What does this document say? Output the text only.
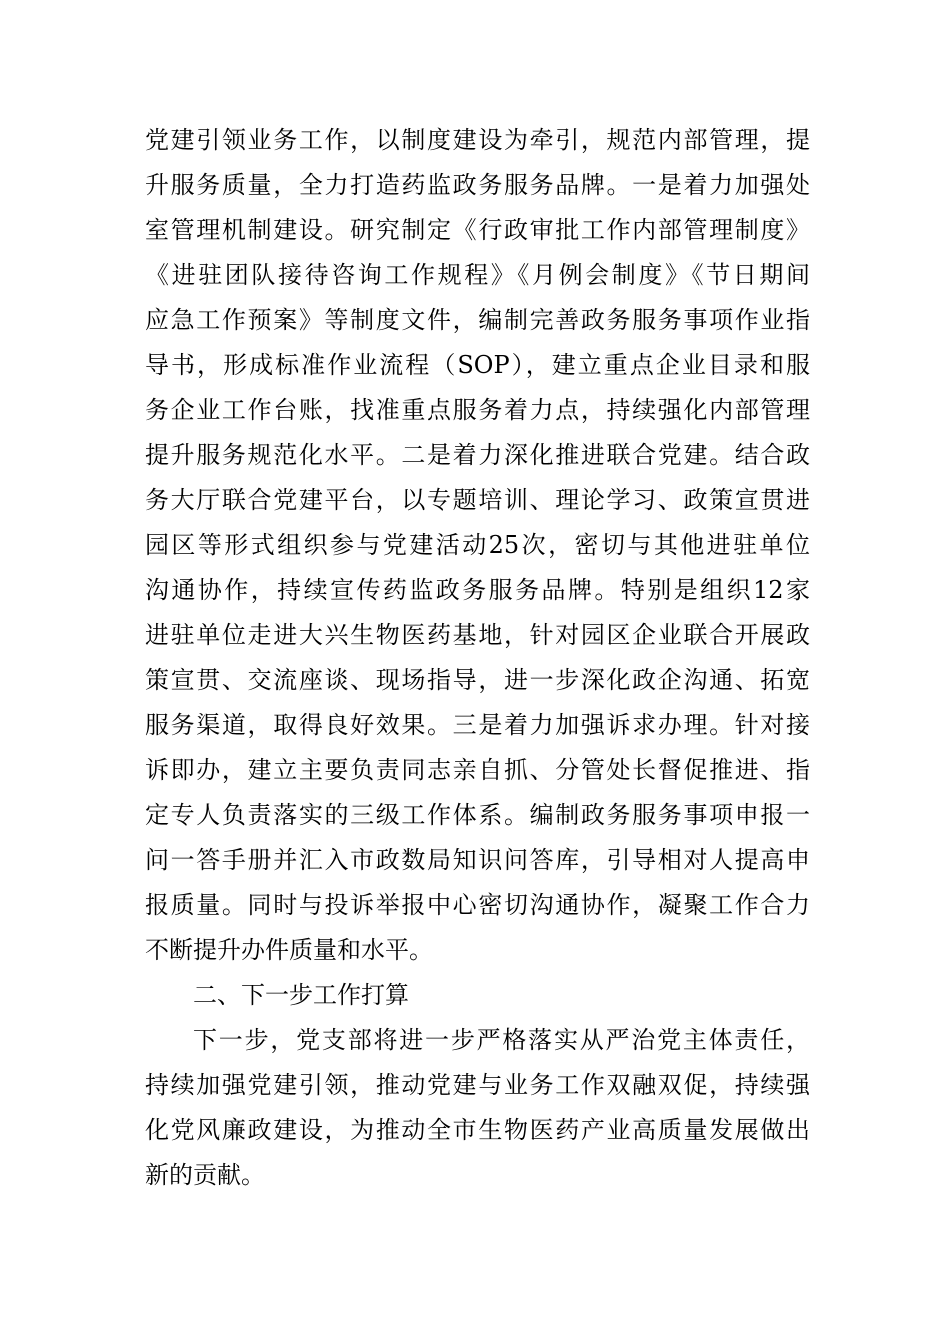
党建引领业务工作，以制度建设为牵引，规范内部管理，提
升服务质量，全力打造药监政务服务品牌。一是着力加强处
室管理机制建设。研究制定《行政审批工作内部管理制度》
《进驻团队接待咨询工作规程》《月例会制度》《节日期间
应急工作预案》等制度文件，编制完善政务服务事项作业指
导书，形成标准作业流程（SOP），建立重点企业目录和服
务企业工作台账，找准重点服务着力点，持续强化内部管理
提升服务规范化水平。二是着力深化推进联合党建。结合政
务大厅联合党建平台，以专题培训、理论学习、政策宣贯进
园区等形式组织参与党建活动25次，密切与其他进驻单位
沟通协作，持续宣传药监政务服务品牌。特别是组织12家
进驻单位走进大兴生物医药基地，针对园区企业联合开展政
策宣贯、交流座谈、现场指导，进一步深化政企沟通、拓宽
服务渠道，取得良好效果。三是着力加强诉求办理。针对接
诉即办，建立主要负责同志亲自抓、分管处长督促推进、指
定专人负责落实的三级工作体系。编制政务服务事项申报一
问一答手册并汇入市政数局知识问答库，引导相对人提高申
报质量。同时与投诉举报中心密切沟通协作，凝聚工作合力
不断提升办件质量和水平。
二、下一步工作打算
下一步，党支部将进一步严格落实从严治党主体责任，
持续加强党建引领，推动党建与业务工作双融双促，持续强
化党风廉政建设，为推动全市生物医药产业高质量发展做出
新的贡献。
